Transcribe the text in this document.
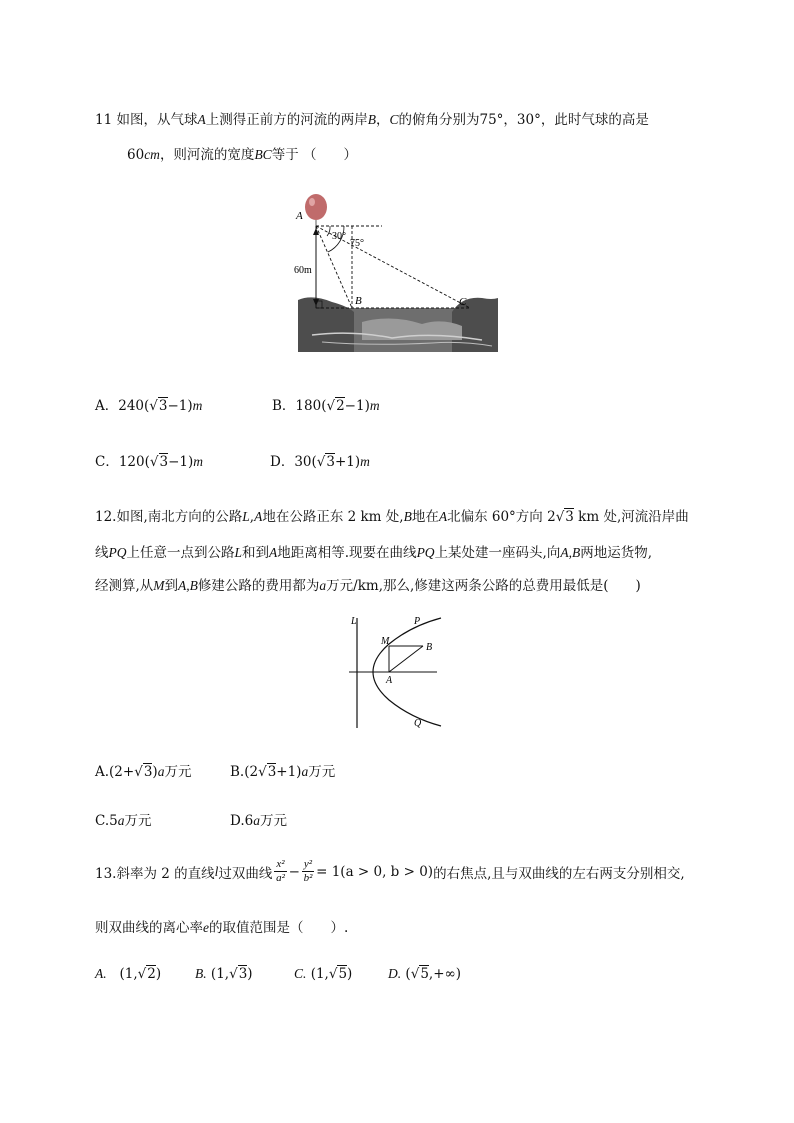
11 如图，从气球A上测得正前方的河流的两岸B，C的俯角分别为75°，30°，此时气球的高是
60cm，则河流的宽度BC等于 （　　）
A
30°
75°
60m
B	C
A．240(√3−1)m	B．180(√2−1)m
C．120(√3−1)m	D．30(√3+1)m
12.如图,南北方向的公路L,A地在公路正东 2 km 处,B地在A北偏东 60°方向 2√3 km 处,河流沿岸曲
线PQ上任意一点到公路L和到A地距离相等.现要在曲线PQ上某处建一座码头,向A,B两地运货物,
经测算,从M到A,B修建公路的费用都为a万元/km,那么,修建这两条公路的总费用最低是(　　)
L	P
M
B
A
Q
A.(2+√3)a万元	B.(2√3+1)a万元
C.5a万元	D.6a万元
13.斜率为 2 的直线 l 过双曲线
x²
$a^2 - \frac{\text{y²}}{\text{b²}} = 1(a > 0$, b > 0) 的右焦点,且与双曲线的左右两支分别相交,
则双曲线的离心率e的取值范围是（　　）.
A. (1,√2)	B. (1,√3)	C. (1,√5)	D. (√5,+∞)
